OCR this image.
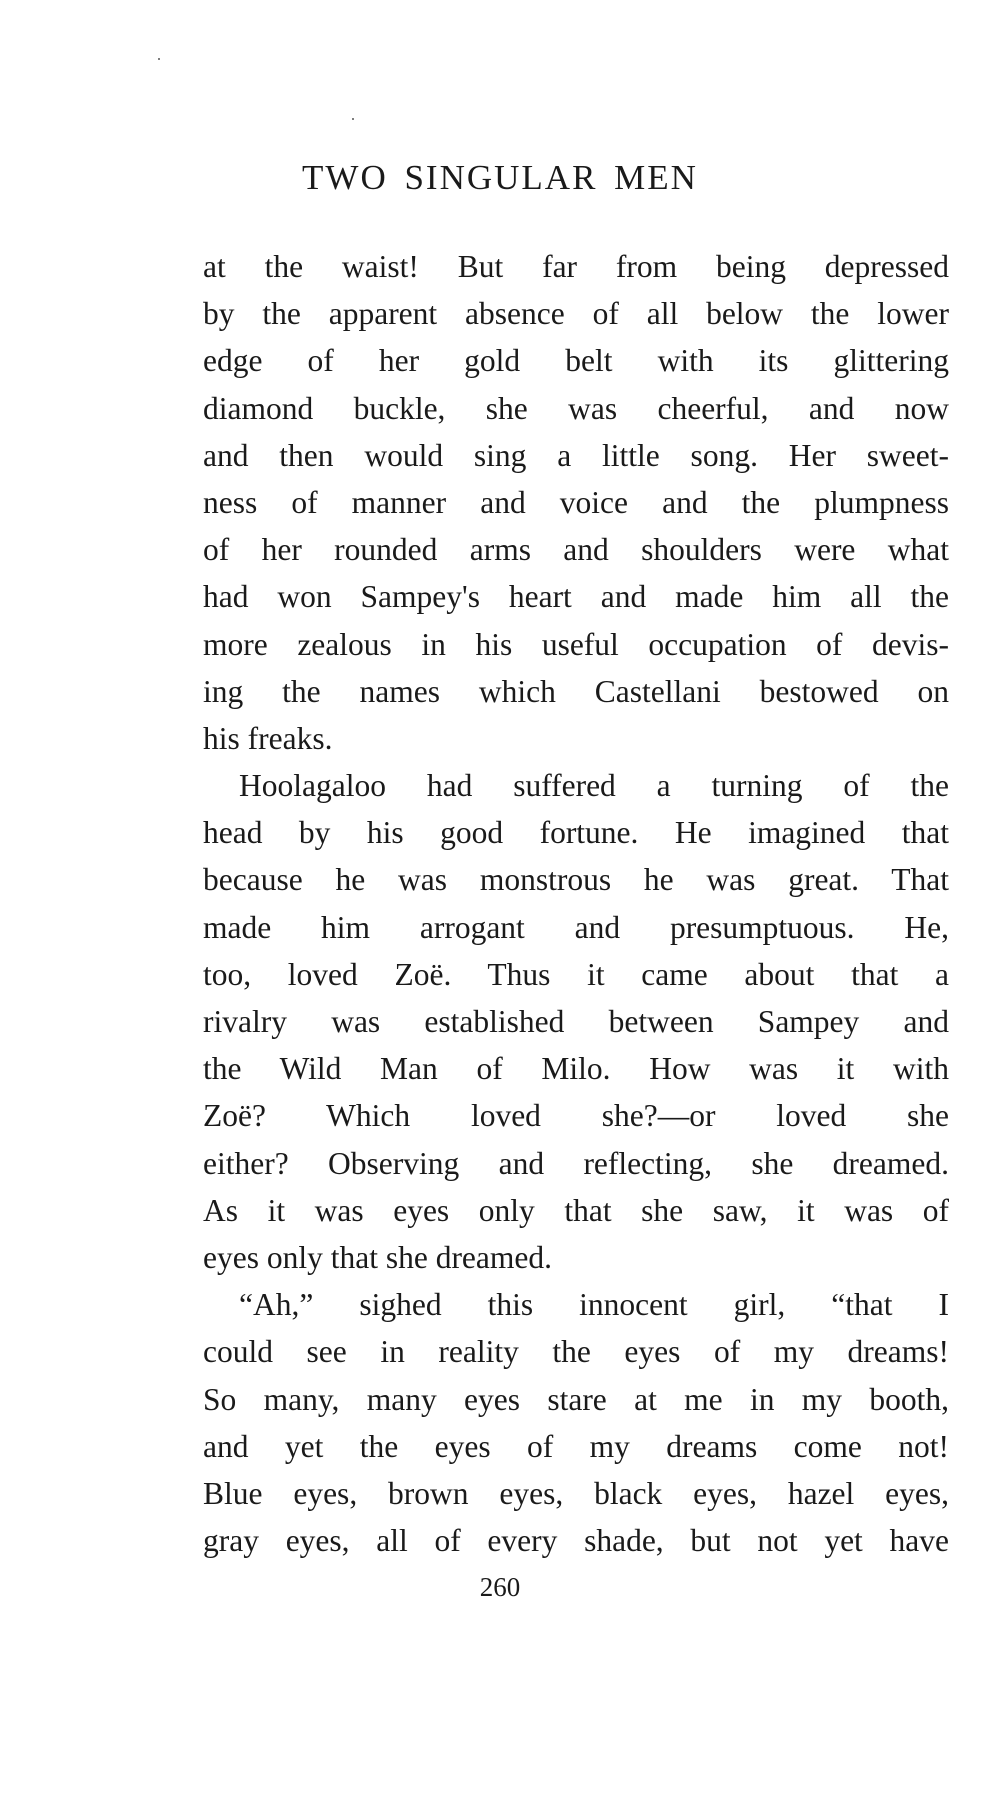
TWO SINGULAR MEN
at the waist! But far from being depressed
by the apparent absence of all below the lower
edge of her gold belt with its glittering
diamond buckle, she was cheerful, and now
and then would sing a little song. Her sweet-
ness of manner and voice and the plumpness
of her rounded arms and shoulders were what
had won Sampey's heart and made him all the
more zealous in his useful occupation of devis-
ing the names which Castellani bestowed on
his freaks.
Hoolagaloo had suffered a turning of the
head by his good fortune. He imagined that
because he was monstrous he was great. That
made him arrogant and presumptuous. He,
too, loved Zoë. Thus it came about that a
rivalry was established between Sampey and
the Wild Man of Milo. How was it with
Zoë? Which loved she?—or loved she
either? Observing and reflecting, she dreamed.
As it was eyes only that she saw, it was of
eyes only that she dreamed.
“Ah,” sighed this innocent girl, “that I
could see in reality the eyes of my dreams!
So many, many eyes stare at me in my booth,
and yet the eyes of my dreams come not!
Blue eyes, brown eyes, black eyes, hazel eyes,
gray eyes, all of every shade, but not yet have
260
